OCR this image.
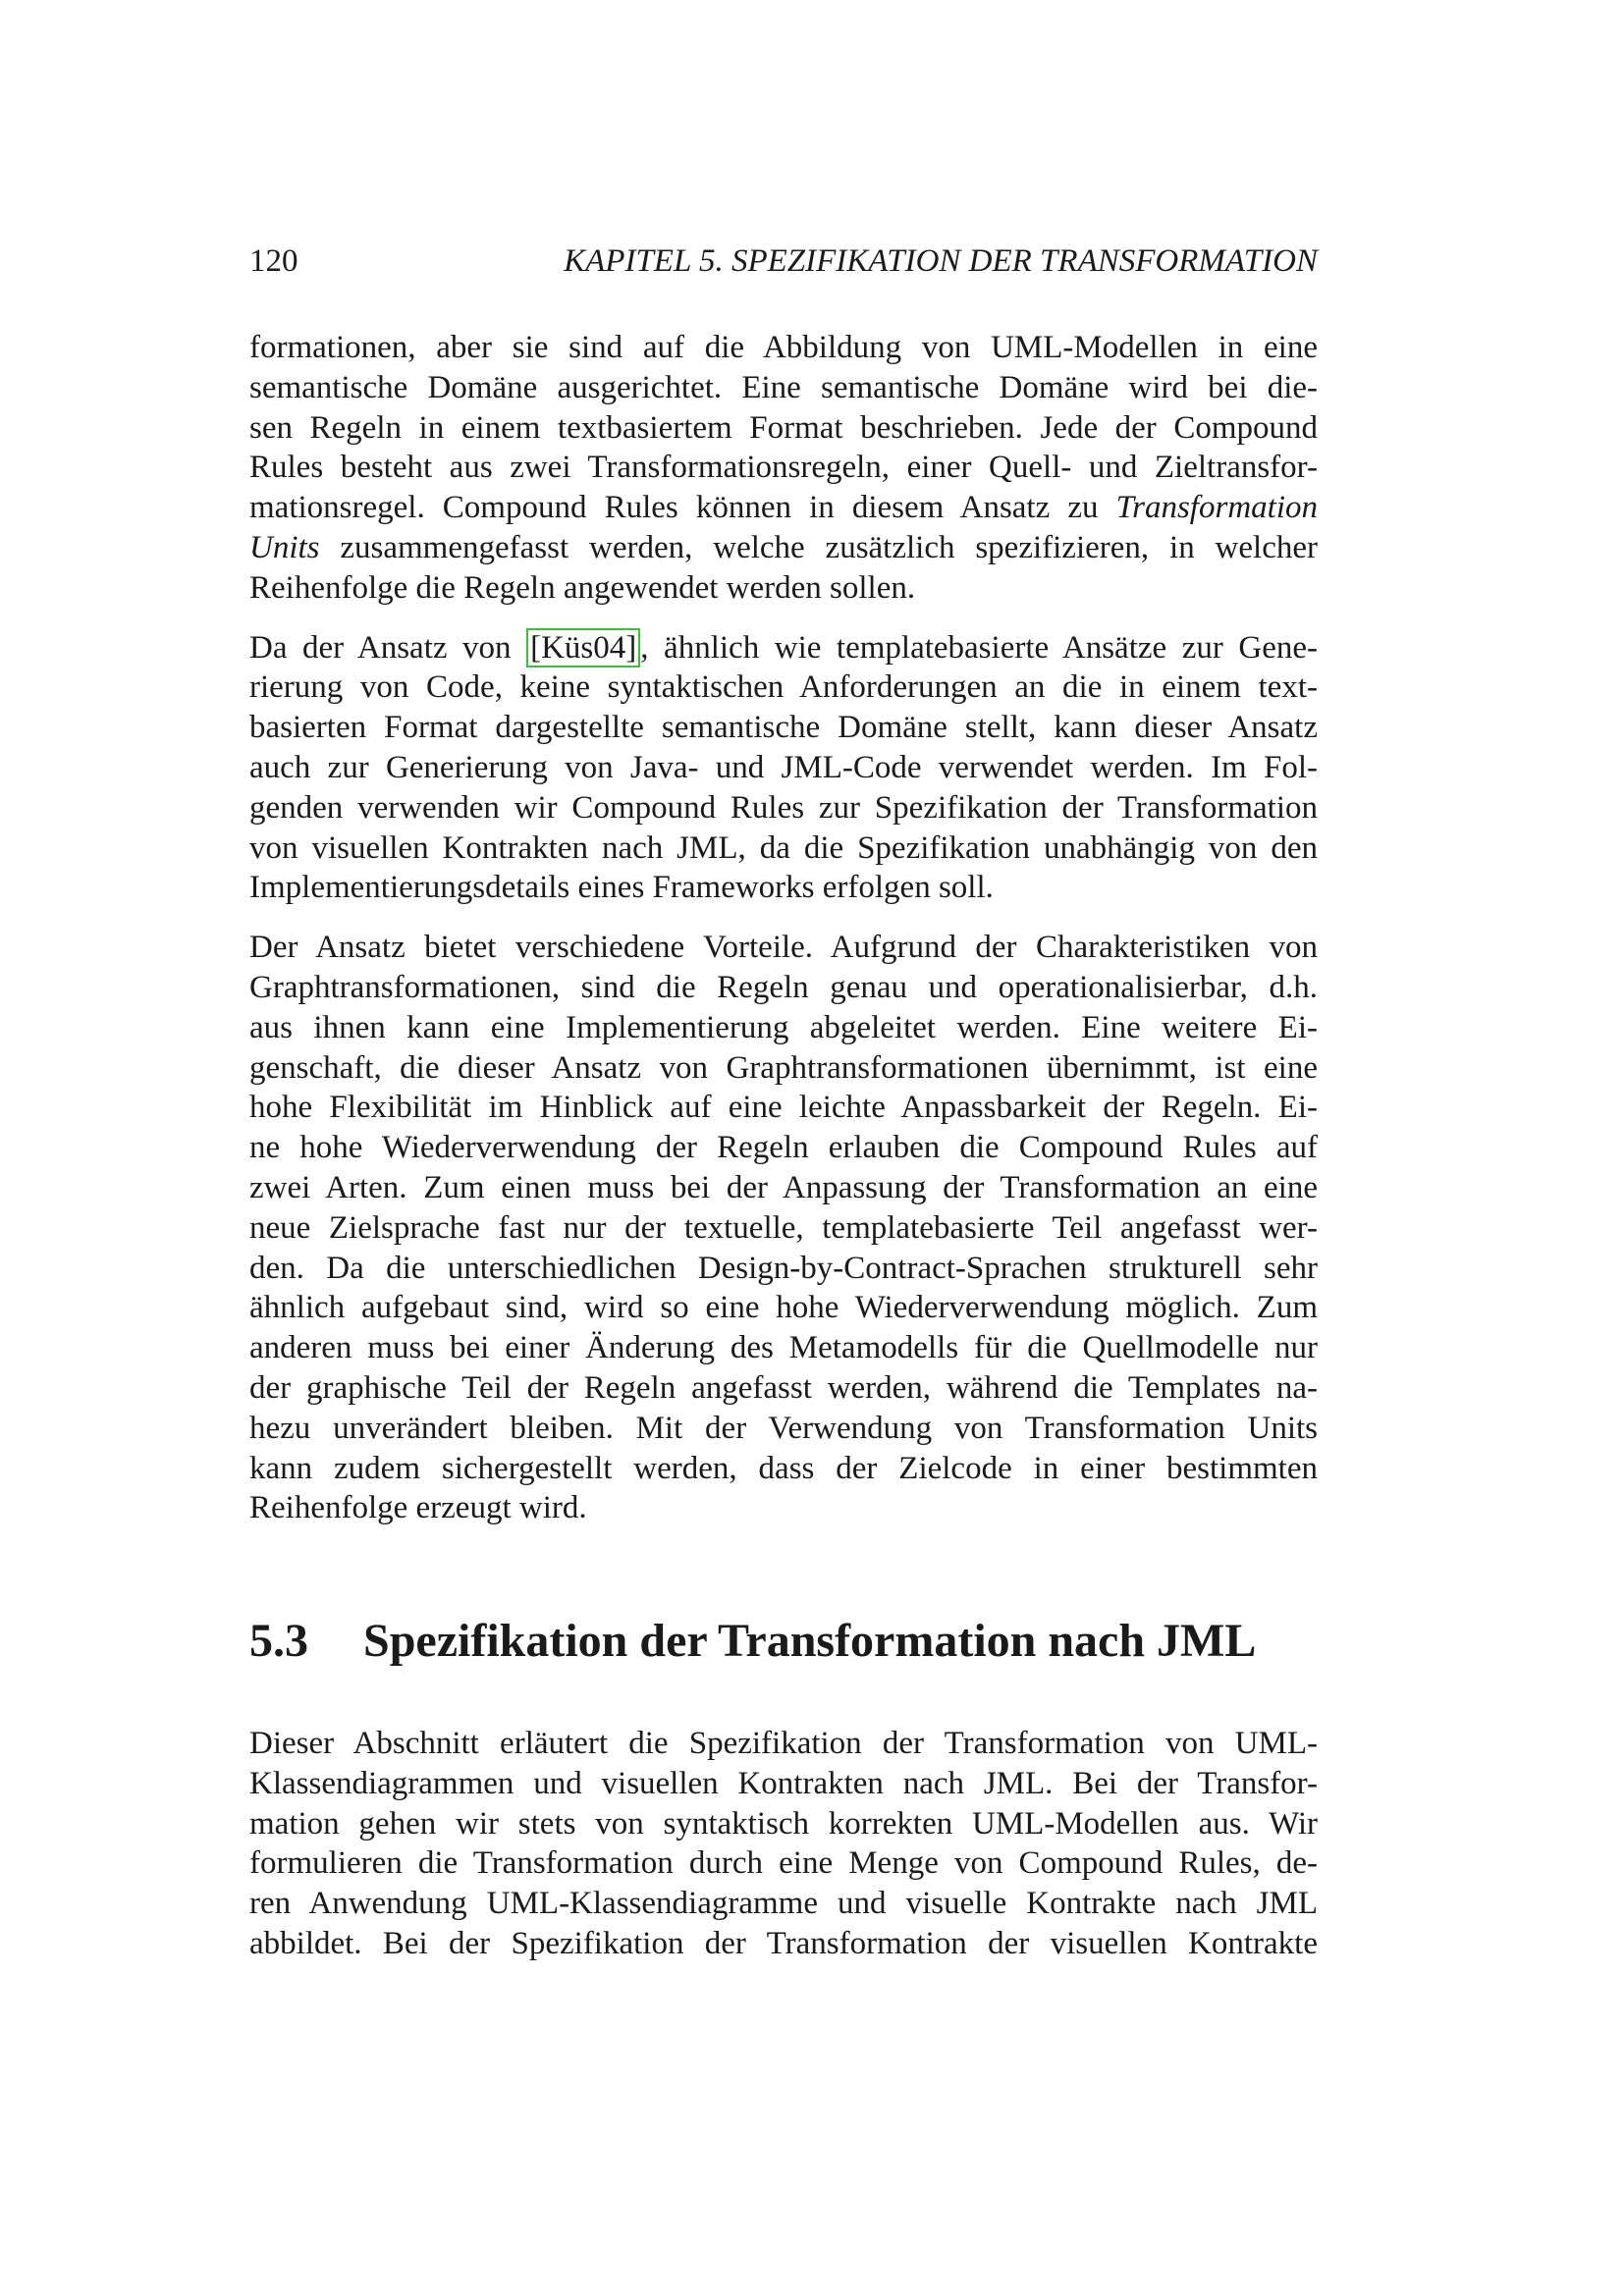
120	KAPITEL 5. SPEZIFIKATION DER TRANSFORMATION

formationen, aber sie sind auf die Abbildung von UML-Modellen in eine
semantische Domäne ausgerichtet. Eine semantische Domäne wird bei die-
sen Regeln in einem textbasiertem Format beschrieben. Jede der Compound
Rules besteht aus zwei Transformationsregeln, einer Quell- und Zieltransfor-
mationsregel. Compound Rules können in diesem Ansatz zu Transformation
Units zusammengefasst werden, welche zusätzlich spezifizieren, in welcher
Reihenfolge die Regeln angewendet werden sollen.

Da der Ansatz von [Küs04] , ähnlich wie templatebasierte Ansätze zur Gene-
rierung von Code, keine syntaktischen Anforderungen an die in einem text-
basierten Format dargestellte semantische Domäne stellt, kann dieser Ansatz
auch zur Generierung von Java- und JML-Code verwendet werden. Im Fol-
genden verwenden wir Compound Rules zur Spezifikation der Transformation
von visuellen Kontrakten nach JML, da die Spezifikation unabhängig von den
Implementierungsdetails eines Frameworks erfolgen soll.

Der Ansatz bietet verschiedene Vorteile. Aufgrund der Charakteristiken von
Graphtransformationen, sind die Regeln genau und operationalisierbar, d.h.
aus ihnen kann eine Implementierung abgeleitet werden. Eine weitere Ei-
genschaft, die dieser Ansatz von Graphtransformationen übernimmt, ist eine
hohe Flexibilität im Hinblick auf eine leichte Anpassbarkeit der Regeln. Ei-
ne hohe Wiederverwendung der Regeln erlauben die Compound Rules auf
zwei Arten. Zum einen muss bei der Anpassung der Transformation an eine
neue Zielsprache fast nur der textuelle, templatebasierte Teil angefasst wer-
den. Da die unterschiedlichen Design-by-Contract-Sprachen strukturell sehr
ähnlich aufgebaut sind, wird so eine hohe Wiederverwendung möglich. Zum
anderen muss bei einer Änderung des Metamodells für die Quellmodelle nur
der graphische Teil der Regeln angefasst werden, während die Templates na-
hezu unverändert bleiben. Mit der Verwendung von Transformation Units
kann zudem sichergestellt werden, dass der Zielcode in einer bestimmten
Reihenfolge erzeugt wird.

5.3 Spezifikation der Transformation nach JML

Dieser Abschnitt erläutert die Spezifikation der Transformation von UML-
Klassendiagrammen und visuellen Kontrakten nach JML. Bei der Transfor-
mation gehen wir stets von syntaktisch korrekten UML-Modellen aus. Wir
formulieren die Transformation durch eine Menge von Compound Rules, de-
ren Anwendung UML-Klassendiagramme und visuelle Kontrakte nach JML
abbildet. Bei der Spezifikation der Transformation der visuellen Kontrakte
